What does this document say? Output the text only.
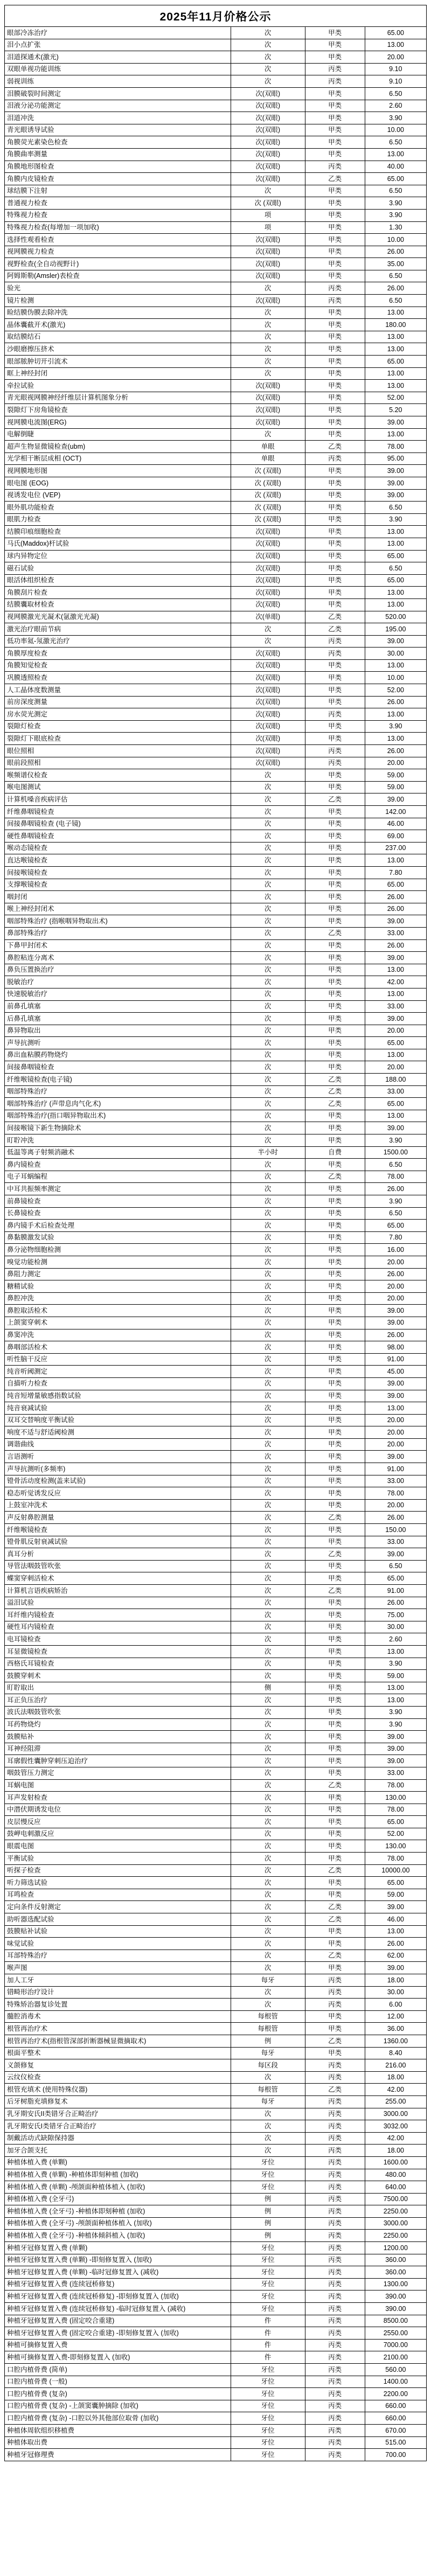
2025年11月价格公示			
眼部冷冻治疗	次	甲类	65.00
泪小点扩张	次	甲类	13.00
泪道探通术(激光)	次	甲类	20.00
双眼单视功能训练	次	丙类	9.10
弱视训练	次	丙类	9.10
泪膜破裂时间测定	次(双眼)	甲类	6.50
泪液分泌功能测定	次(双眼)	甲类	2.60
泪道冲洗	次(双眼)	甲类	3.90
青光眼诱导试验	次(双眼)	甲类	10.00
角膜荧光素染色检查	次(双眼)	甲类	6.50
角膜曲率测量	次(双眼)	甲类	13.00
角膜地形图检查	次(双眼)	丙类	40.00
角膜内皮镜检查	次(双眼)	乙类	65.00
球结膜下注射	次	甲类	6.50
普通视力检查	次 (双眼)	甲类	3.90
特殊视力检查	项	甲类	3.90
特殊视力检查(每增加一项加收)	项	甲类	1.30
选择性观看检查	次(双眼)	甲类	10.00
视网膜视力检查	次(双眼)	甲类	26.00
视野检查(全自动视野计)	次(双眼)	甲类	35.00
阿姆斯勒(Amsler)表检查	次(双眼)	甲类	6.50
验光	次	丙类	26.00
镜片检测	次(双眼)	丙类	6.50
睑结膜伪膜去除冲洗	次	甲类	13.00
晶体囊截开术(激光)	次	甲类	180.00
取结膜结石	次	甲类	13.00
沙眼磨擦压挤术	次	甲类	13.00
眼部脓肿切开引流术	次	甲类	65.00
眶上神经封闭	次	甲类	13.00
牵拉试验	次(双眼)	甲类	13.00
青光眼视网膜神经纤维层计算机图象分析	次(双眼)	甲类	52.00
裂隙灯下房角镜检查	次(双眼)	甲类	5.20
视网膜电流图(ERG)	次(双眼)	甲类	39.00
电解倒睫	次	甲类	13.00
超声生物显微镜检查(ubm)	单眼	乙类	78.00
光学相干断层成相 (OCT)	单眼	丙类	95.00
视网膜地形图	次 (双眼)	甲类	39.00
眼电图 (EOG)	次 (双眼)	甲类	39.00
视诱发电位 (VEP)	次 (双眼)	甲类	39.00
眼外肌功能检查	次 (双眼)	甲类	6.50
眼肌力检查	次 (双眼)	甲类	3.90
结膜印痕细胞检查	次(双眼)	甲类	13.00
马氏(Maddox)杆试验	次(双眼)	甲类	13.00
球内异物定位	次(双眼)	甲类	65.00
磁石试验	次(双眼)	甲类	6.50
眼活体组织检查	次(双眼)	甲类	65.00
角膜刮片检查	次(双眼)	甲类	13.00
结膜囊取材检查	次(双眼)	甲类	13.00
视网膜激光光凝术(氩激光光凝)	次(单眼)	乙类	520.00
激光治疗眼前节病	次	乙类	195.00
低功率氦-氖激光治疗	次	丙类	39.00
角膜厚度检查	次(双眼)	丙类	30.00
角膜知觉检查	次(双眼)	甲类	13.00
巩膜透照检查	次(双眼)	甲类	10.00
人工晶体度数测量	次(双眼)	甲类	52.00
前房深度测量	次(双眼)	甲类	26.00
房水荧光测定	次(双眼)	丙类	13.00
裂隙灯检查	次(双眼)	甲类	3.90
裂隙灯下眼底检查	次(双眼)	甲类	13.00
眼位照相	次(双眼)	丙类	26.00
眼前段照相	次(双眼)	丙类	20.00
喉频谱仪检查	次	甲类	59.00
喉电图测试	次	甲类	59.00
计算机嗓音疾病评估	次	乙类	39.00
纤维鼻咽镜检查	次	甲类	142.00
间接鼻咽镜检查 (电子镜)	次	甲类	46.00
硬性鼻咽镜检查	次	甲类	69.00
喉动态镜检查	次	甲类	237.00
直达喉镜检查	次	甲类	13.00
间接喉镜检查	次	甲类	7.80
支撑喉镜检查	次	甲类	65.00
咽封闭	次	甲类	26.00
喉上神经封闭术	次	甲类	26.00
咽部特殊治疗 (指喉咽异物取出术)	次	甲类	39.00
鼻部特殊治疗	次	乙类	33.00
下鼻甲封闭术	次	甲类	26.00
鼻腔粘连分离术	次	甲类	39.00
鼻负压置换治疗	次	甲类	13.00
脱敏治疗	次	甲类	42.00
快速脱敏治疗	次	甲类	13.00
前鼻孔填塞	次	甲类	33.00
后鼻孔填塞	次	甲类	39.00
鼻异物取出	次	甲类	20.00
声导抗测听	次	甲类	65.00
鼻出血粘膜药物烧灼	次	甲类	13.00
间接鼻咽镜检查	次	甲类	20.00
纤维喉镜检查(电子镜)	次	乙类	188.00
咽部特殊治疗	次	乙类	33.00
咽部特殊治疗 (声带息肉气化术)	次	乙类	65.00
咽部特殊治疗(指口咽异物取出术)	次	甲类	13.00
间接喉镜下新生物摘除术	次	甲类	39.00
盯聍冲洗	次	甲类	3.90
低温等离子射频消融术	半小时	自费	1500.00
鼻内镜检查	次	甲类	6.50
电子耳蜗编程	次	乙类	78.00
中耳共振频率测定	次	甲类	26.00
前鼻镜检查	次	甲类	3.90
长鼻镜检查	次	甲类	6.50
鼻内镜手术后检查处理	次	甲类	65.00
鼻黏膜激发试验	次	甲类	7.80
鼻分泌物细胞检测	次	甲类	16.00
嗅觉功能检测	次	甲类	20.00
鼻阻力测定	次	甲类	26.00
糖精试验	次	甲类	20.00
鼻腔冲洗	次	甲类	20.00
鼻腔取活检术	次	甲类	39.00
上颌窦穿刺术	次	甲类	39.00
鼻窦冲洗	次	甲类	26.00
鼻咽部活检术	次	甲类	98.00
听性脑干反应	次	甲类	91.00
纯音听阈测定	次	甲类	45.00
自描听力检查	次	甲类	39.00
纯音短增量敏感指数试验	次	甲类	39.00
纯音衰减试验	次	甲类	13.00
双耳交替响度平衡试验	次	甲类	20.00
响度不适与舒适阈检测	次	甲类	20.00
调谐曲线	次	甲类	20.00
言语测听	次	甲类	39.00
声导抗测听(多频率)	次	甲类	91.00
镫骨活动度检测(盖来试验)	次	甲类	33.00
稳态听觉诱发反应	次	甲类	78.00
上鼓室冲洗术	次	甲类	20.00
声反射鼻腔测量	次	乙类	26.00
纤维喉镜检查	次	甲类	150.00
镫骨肌反射衰减试验	次	甲类	33.00
真耳分析	次	乙类	39.00
导管法咽鼓管吹张	次	甲类	6.50
蝶窦穿刺活检术	次	甲类	65.00
计算机言语疾病矫治	次	乙类	91.00
溢泪试验	次	甲类	26.00
耳纤维内镜检查	次	甲类	75.00
硬性耳内镜检查	次	甲类	30.00
电耳镜检查	次	甲类	2.60
耳显微镜检查	次	甲类	13.00
西格氏耳镜检查	次	甲类	3.90
鼓膜穿刺术	次	甲类	59.00
盯聍取出	侧	甲类	13.00
耳正负压治疗	次	甲类	13.00
波氏法咽鼓管吹张	次	甲类	3.90
耳药物烧灼	次	甲类	3.90
鼓膜贴补	次	甲类	39.00
耳神经阻滞	次	甲类	39.00
耳廓假性囊肿穿刺压迫治疗	次	甲类	39.00
咽鼓管压力测定	次	甲类	33.00
耳蜗电图	次	乙类	78.00
耳声发射检查	次	甲类	130.00
中潜伏期诱发电位	次	甲类	78.00
皮层慢反应	次	甲类	65.00
鼓岬电刺激反应	次	甲类	52.00
眼震电图	次	甲类	130.00
平衡试验	次	甲类	78.00
听探子检查	次	乙类	10000.00
听力筛选试验	次	甲类	65.00
耳鸣检查	次	甲类	59.00
定向条件反射测定	次	乙类	39.00
助听器选配试验	次	乙类	46.00
鼓膜贴补试验	次	甲类	13.00
味觉试验	次	甲类	26.00
耳部特殊治疗	次	乙类	62.00
喉声图	次	甲类	39.00
加人工牙	每牙	丙类	18.00
错畸形治疗设计	次	丙类	30.00
特殊矫治器复诊处置	次	丙类	6.00
髓腔消毒术	每根管	甲类	12.00
根管再治疗术	每根管	甲类	36.00
根管再治疗术(指根管深部折断器械显微摘取术)	例	乙类	1360.00
根面平整术	每牙	甲类	8.40
义颌修复	每区段	丙类	216.00
云纹仪检查	次	丙类	18.00
根管充填术 (使用特殊仪器)	每根管	乙类	42.00
后牙树脂充填修复术	每牙	丙类	255.00
乳牙期安氏II类错牙合正畸治疗	次	丙类	3000.00
乳牙期安氏I类错牙合正畸治疗	次	丙类	3032.00
制戴活动式缺隙保持器	次	丙类	42.00
加牙合颌支托	次	丙类	18.00
种植体植入费 (单颗)	牙位	丙类	1600.00
种植体植入费 (单颗) -种植体即刻种植 (加收)	牙位	丙类	480.00
种植体植入费 (单颗) -颅颌面种植体植入 (加收)	牙位	丙类	640.00
种植体植入费 (全牙弓)	例	丙类	7500.00
种植体植入费 (全牙弓) -种植体即刻种植 (加收)	例	丙类	2250.00
种植体植入费 (全牙弓) -颅颌面种植体植入 (加收)	例	丙类	3000.00
种植体植入费 (全牙弓) -种植体倾斜植入 (加收)	例	丙类	2250.00
种植牙冠修复置入费 (单颗)	牙位	丙类	1200.00
种植牙冠修复置入费 (单颗) -即刻修复置入 (加收)	牙位	丙类	360.00
种植牙冠修复置入费 (单颗) -临时冠修复置入 (减收)	牙位	丙类	360.00
种植牙冠修复置入费 (连续冠桥修复)	牙位	丙类	1300.00
种植牙冠修复置入费 (连续冠桥修复) -即刻修复置入 (加收)	牙位	丙类	390.00
种植牙冠修复置入费 (连续冠桥修复) -临时冠修复置入 (减收)	牙位	丙类	390.00
种植牙冠修复置入费 (固定咬合重建)	件	丙类	8500.00
种植牙冠修复置入费 (固定咬合重建) -即刻修复置入 (加收)	件	丙类	2550.00
种植可摘修复置入费	件	丙类	7000.00
种植可摘修复置入费-即刻修复置入 (加收)	件	丙类	2100.00
口腔内植骨费 (简单)	牙位	丙类	560.00
口腔内植骨费 (一般)	牙位	丙类	1400.00
口腔内植骨费 (复杂)	牙位	丙类	2200.00
口腔内植骨费 (复杂) -上颌窦囊肿摘除 (加收)	牙位	丙类	660.00
口腔内植骨费 (复杂) -口腔以外其他部位取骨 (加收)	牙位	丙类	660.00
种植体周软组织移植费	牙位	丙类	670.00
种植体取出费	牙位	丙类	515.00
种植牙冠修理费	牙位	丙类	700.00
